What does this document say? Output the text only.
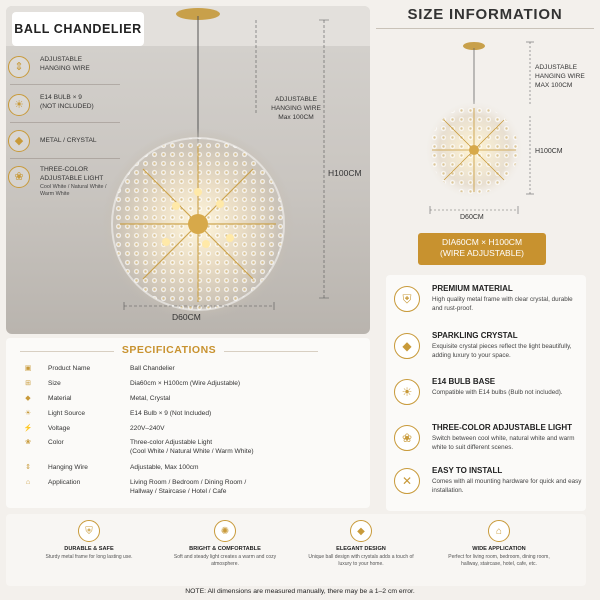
BALL CHANDELIER
⇕
ADJUSTABLE
HANGING WIRE
☀
E14 BULB × 9
(NOT INCLUDED)
◆	METAL / CRYSTAL
❀
THREE-COLOR
ADJUSTABLE LIGHT
Cool White / Natural White / Warm White
ADJUSTABLE
HANGING WIRE
Max 100CM
H100CM
D60CM
SIZE INFORMATION
ADJUSTABLE
HANGING WIRE
MAX 100CM
H100CM
D60CM
DIA60CM × H100CM
(WIRE ADJUSTABLE)
⛨
PREMIUM MATERIAL
High quality metal frame with clear crystal, durable and rust-proof.
◆
SPARKLING CRYSTAL
Exquisite crystal pieces reflect the light beautifully, adding luxury to your space.
☀
E14 BULB BASE
Compatible with E14 bulbs (Bulb not included).
❀
THREE-COLOR ADJUSTABLE LIGHT
Switch between cool white, natural white and warm white to suit different scenes.
✕
EASY TO INSTALL
Comes with all mounting hardware for quick and easy installation.
SPECIFICATIONS
▣	Product Name	Ball Chandelier
⊞	Size	Dia60cm × H100cm (Wire Adjustable)
◆	Material	Metal, Crystal
☀	Light Source	E14 Bulb × 9 (Not Included)
⚡ Voltage	220V–240V
❀	Color	Three-color Adjustable Light
(Cool White / Natural White / Warm White)
⇕	Hanging Wire	Adjustable, Max 100cm
⌂	Application	Living Room / Bedroom / Dining Room /
Hallway / Staircase / Hotel / Cafe
⛨
DURABLE & SAFE
Sturdy metal frame for long lasting use.
✺
BRIGHT & COMFORTABLE
Soft and steady light creates a warm and cozy atmosphere.
◆
ELEGANT DESIGN
Unique ball design with crystals adds a touch of luxury to your home.
⌂
WIDE APPLICATION
Perfect for living room, bedroom, dining room, hallway, staircase, hotel, cafe, etc.
NOTE: All dimensions are measured manually, there may be a 1–2 cm error.
